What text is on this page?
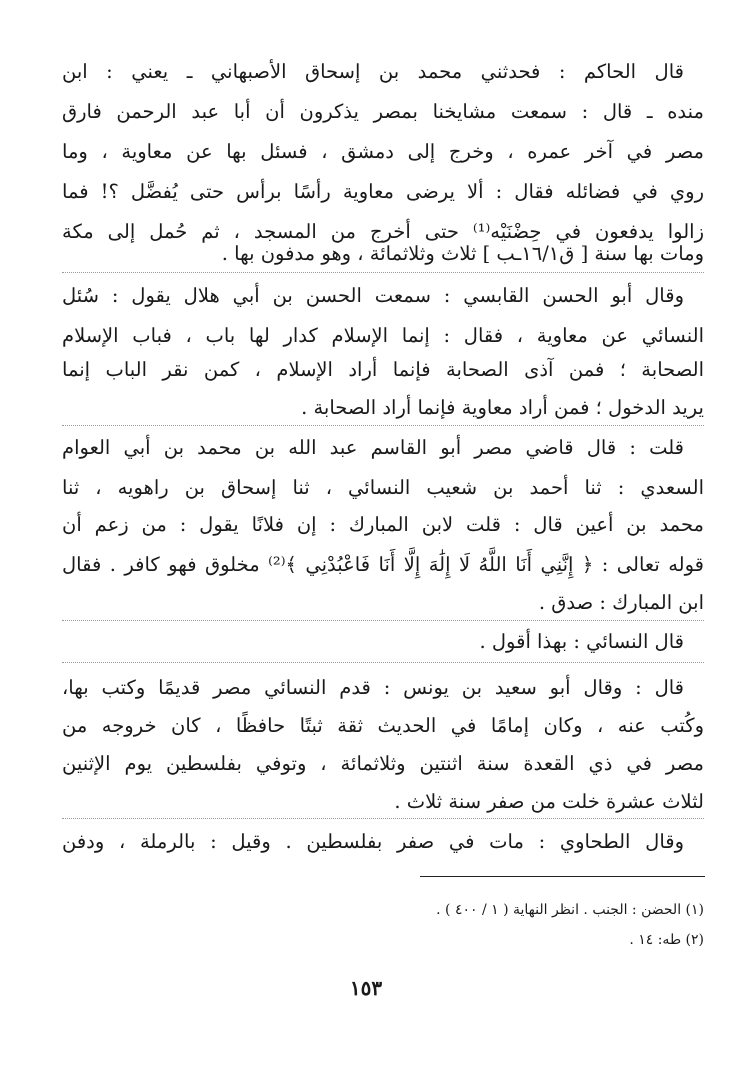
قال الحاكم : فحدثني محمد بن إسحاق الأصبهاني ـ يعني : ابن
منده ـ قال : سمعت مشايخنا بمصر يذكرون أن أبا عبد الرحمن فارق
مصر في آخر عمره ، وخرج إلى دمشق ، فسئل بها عن معاوية ، وما
روي في فضائله فقال : ألا يرضى معاوية رأسًا برأس حتى يُفضَّل ؟! فما
زالوا يدفعون في حِضْنَيْه⁽¹⁾ حتى أخرج من المسجد ، ثم حُمل إلى مكة
ومات بها سنة [ ق١٦/١ـب ] ثلاث وثلاثمائة ، وهو مدفون بها .
وقال أبو الحسن القابسي : سمعت الحسن بن أبي هلال يقول : سُئل
النسائي عن معاوية ، فقال : إنما الإسلام كدار لها باب ، فباب الإسلام
الصحابة ؛ فمن آذى الصحابة فإنما أراد الإسلام ، كمن نقر الباب إنما
يريد الدخول ؛ فمن أراد معاوية فإنما أراد الصحابة .
قلت : قال قاضي مصر أبو القاسم عبد الله بن محمد بن أبي العوام
السعدي : ثنا أحمد بن شعيب النسائي ، ثنا إسحاق بن راهويه ، ثنا
محمد بن أعين قال : قلت لابن المبارك : إن فلانًا يقول : من زعم أن
قوله تعالى : ﴿ إِنَّنِي أَنَا اللَّهُ لَا إِلَٰهَ إِلَّا أَنَا فَاعْبُدْنِي ﴾⁽²⁾ مخلوق فهو كافر . فقال
ابن المبارك : صدق .
قال النسائي : بهذا أقول .
قال : وقال أبو سعيد بن يونس : قدم النسائي مصر قديمًا وكتب بها،
وكُتب عنه ، وكان إمامًا في الحديث ثقة ثبتًا حافظًا ، كان خروجه من
مصر في ذي القعدة سنة اثنتين وثلاثمائة ، وتوفي بفلسطين يوم الإثنين
لثلاث عشرة خلت من صفر سنة ثلاث .
وقال الطحاوي : مات في صفر بفلسطين . وقيل : بالرملة ، ودفن
(١) الحضن : الجنب . انظر النهاية ( ١ / ٤٠٠ ) .
(٢) طه: ١٤ .
١٥٣
